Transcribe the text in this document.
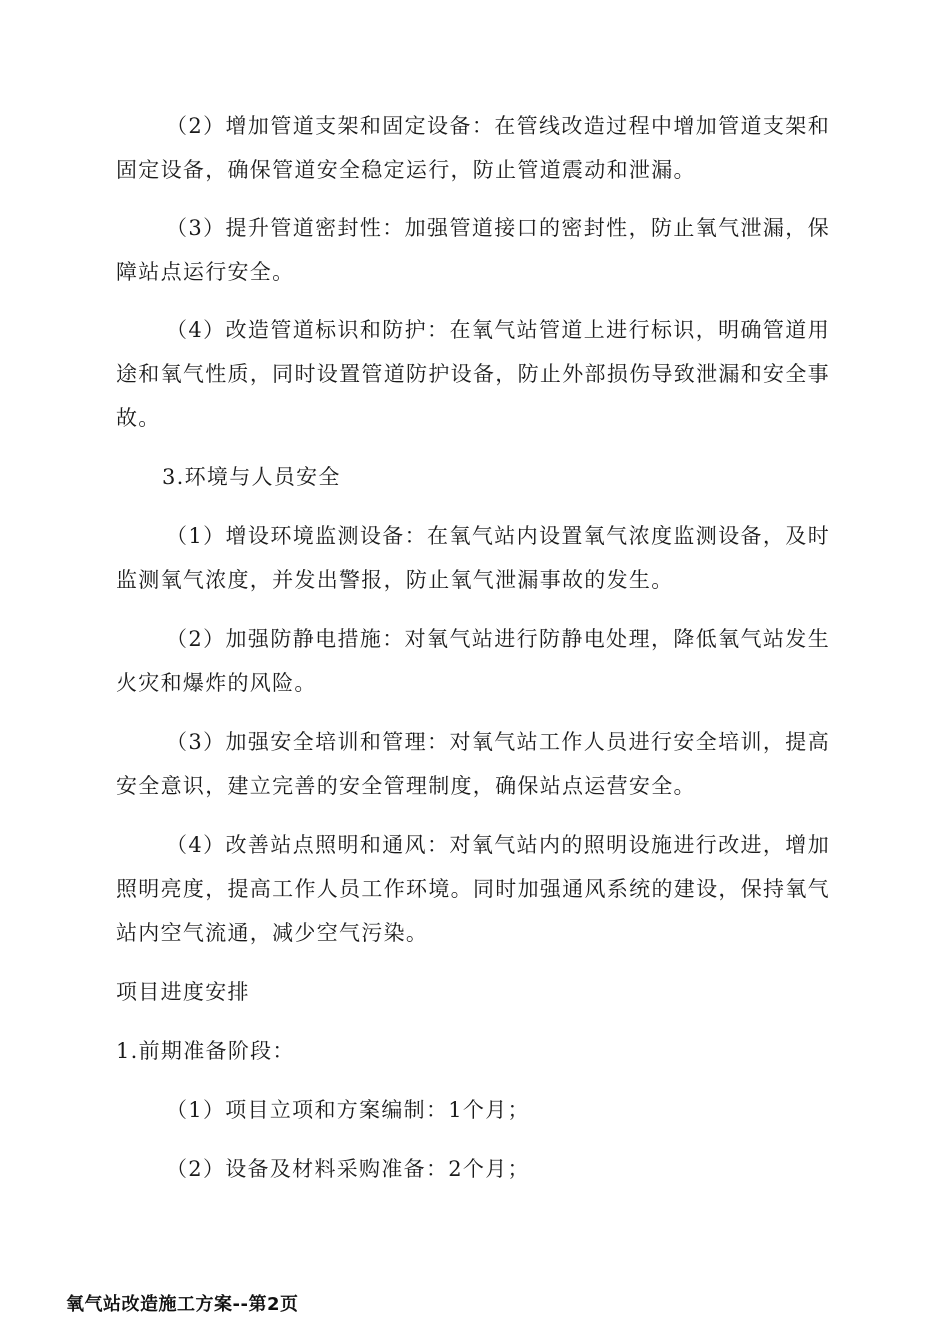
（2）增加管道支架和固定设备：在管线改造过程中增加管道支架和固定设备，确保管道安全稳定运行，防止管道震动和泄漏。

（3）提升管道密封性：加强管道接口的密封性，防止氧气泄漏，保障站点运行安全。

（4）改造管道标识和防护：在氧气站管道上进行标识，明确管道用途和氧气性质，同时设置管道防护设备，防止外部损伤导致泄漏和安全事故。

3.环境与人员安全

（1）增设环境监测设备：在氧气站内设置氧气浓度监测设备，及时监测氧气浓度，并发出警报，防止氧气泄漏事故的发生。

（2）加强防静电措施：对氧气站进行防静电处理，降低氧气站发生火灾和爆炸的风险。

（3）加强安全培训和管理：对氧气站工作人员进行安全培训，提高安全意识，建立完善的安全管理制度，确保站点运营安全。

（4）改善站点照明和通风：对氧气站内的照明设施进行改进，增加照明亮度，提高工作人员工作环境。同时加强通风系统的建设，保持氧气站内空气流通，减少空气污染。

项目进度安排

1.前期准备阶段：

（1）项目立项和方案编制：1个月；

（2）设备及材料采购准备：2个月；

氧气站改造施工方案--第2页
